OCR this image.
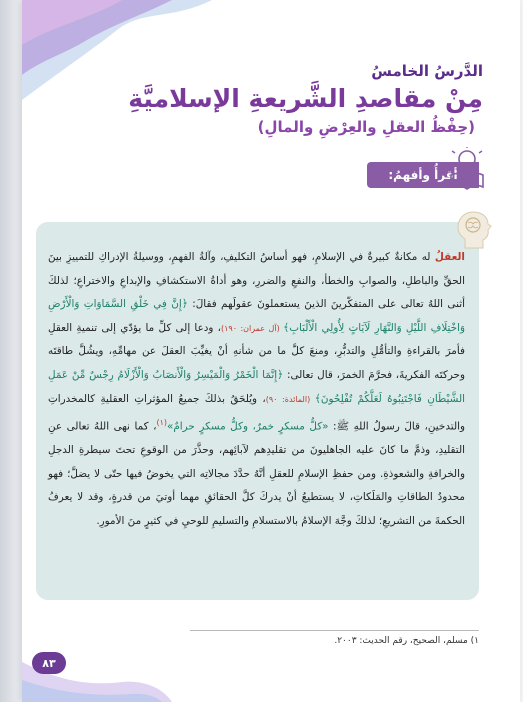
الدَّرسُ الخامسُ
مِنْ مقاصدِ الشَّريعةِ الإسلاميَّةِ
(حِفْظُ العقلِ والعِرْضِ والمالِ)
أقرأُ وأفهمُ:

العقلُ له مكانةٌ كبيرةٌ في الإسلامِ، فهو أساسُ التكليفِ، وآلةُ الفهمِ، ووسيلةُ الإدراكِ للتمييزِ بينَ الحقِّ والباطلِ، والصوابِ والخطأ، والنفعِ والضررِ، وهو أداةُ الاستكشافِ والإبداعِ والاختراعِ؛ لذلكَ أثنى اللهُ تعالى على المتفكّرينَ الذينَ يستعملونَ عقولَهم فقالَ: ﴿إِنَّ فِي خَلْقِ السَّمَاوَاتِ وَالْأَرْضِ وَاخْتِلَافِ اللَّيْلِ وَالنَّهَارِ لَآيَاتٍ لِأُولِي الْأَلْبَابِ﴾ (آل عمران: ١٩٠)، ودعا إلى كلِّ ما يؤدّي إلى تنميةِ العقلِ فأمرَ بالقراءةِ والتأمُّلِ والتدبُّرِ، ومنعَ كلَّ ما من شأنهِ أنْ يغيِّبَ العقلَ عن مهامِّهِ، ويشُلَّ طاقتَه وحركتَه الفكريةَ، فحرَّمَ الخمرَ، قال تعالى: ﴿إِنَّمَا الْخَمْرُ وَالْمَيْسِرُ وَالْأَنصَابُ وَالْأَزْلَامُ رِجْسٌ مِّنْ عَمَلِ الشَّيْطَانِ فَاجْتَنِبُوهُ لَعَلَّكُمْ تُفْلِحُونَ﴾ (المائدة: ٩٠)، ويُلحَقُ بذلكَ جميعُ المؤثراتِ العقليةِ كالمخدراتِ والتدخينِ، قالَ رسولُ اللهِ ﷺ: «كلُّ مسكرٍ خمرٌ، وكلُّ مسكرٍ حرامٌ»$^{(١)}$، كما نهى اللهُ تعالى عنِ التقليدِ، وذمَّ ما كانَ عليه الجاهليونَ من تقليدِهم لآبائِهم، وحذَّرَ من الوقوعِ تحتَ سيطرةِ الدجلِ والخرافةِ والشعوذةِ. ومن حفظِ الإسلامِ للعقلِ أنَّهُ حدَّدَ مجالاتِه التي يخوضُ فيها حتّى لا يضلَّ؛ فهو محدودُ الطاقاتِ والمَلَكاتِ، لا يستطيعُ أنْ يدركَ كلَّ الحقائقِ مهما أوتيَ من قدرةٍ، وقد لا يعرفُ الحكمةَ من التشريعِ؛ لذلكَ وجَّهَ الإسلامُ بالاستسلامِ والتسليمِ للوحيِ في كثيرٍ منَ الأمورِ.

١) مسلم، الصحيح، رقم الحديث: ٢٠٠٣.
٨٣
